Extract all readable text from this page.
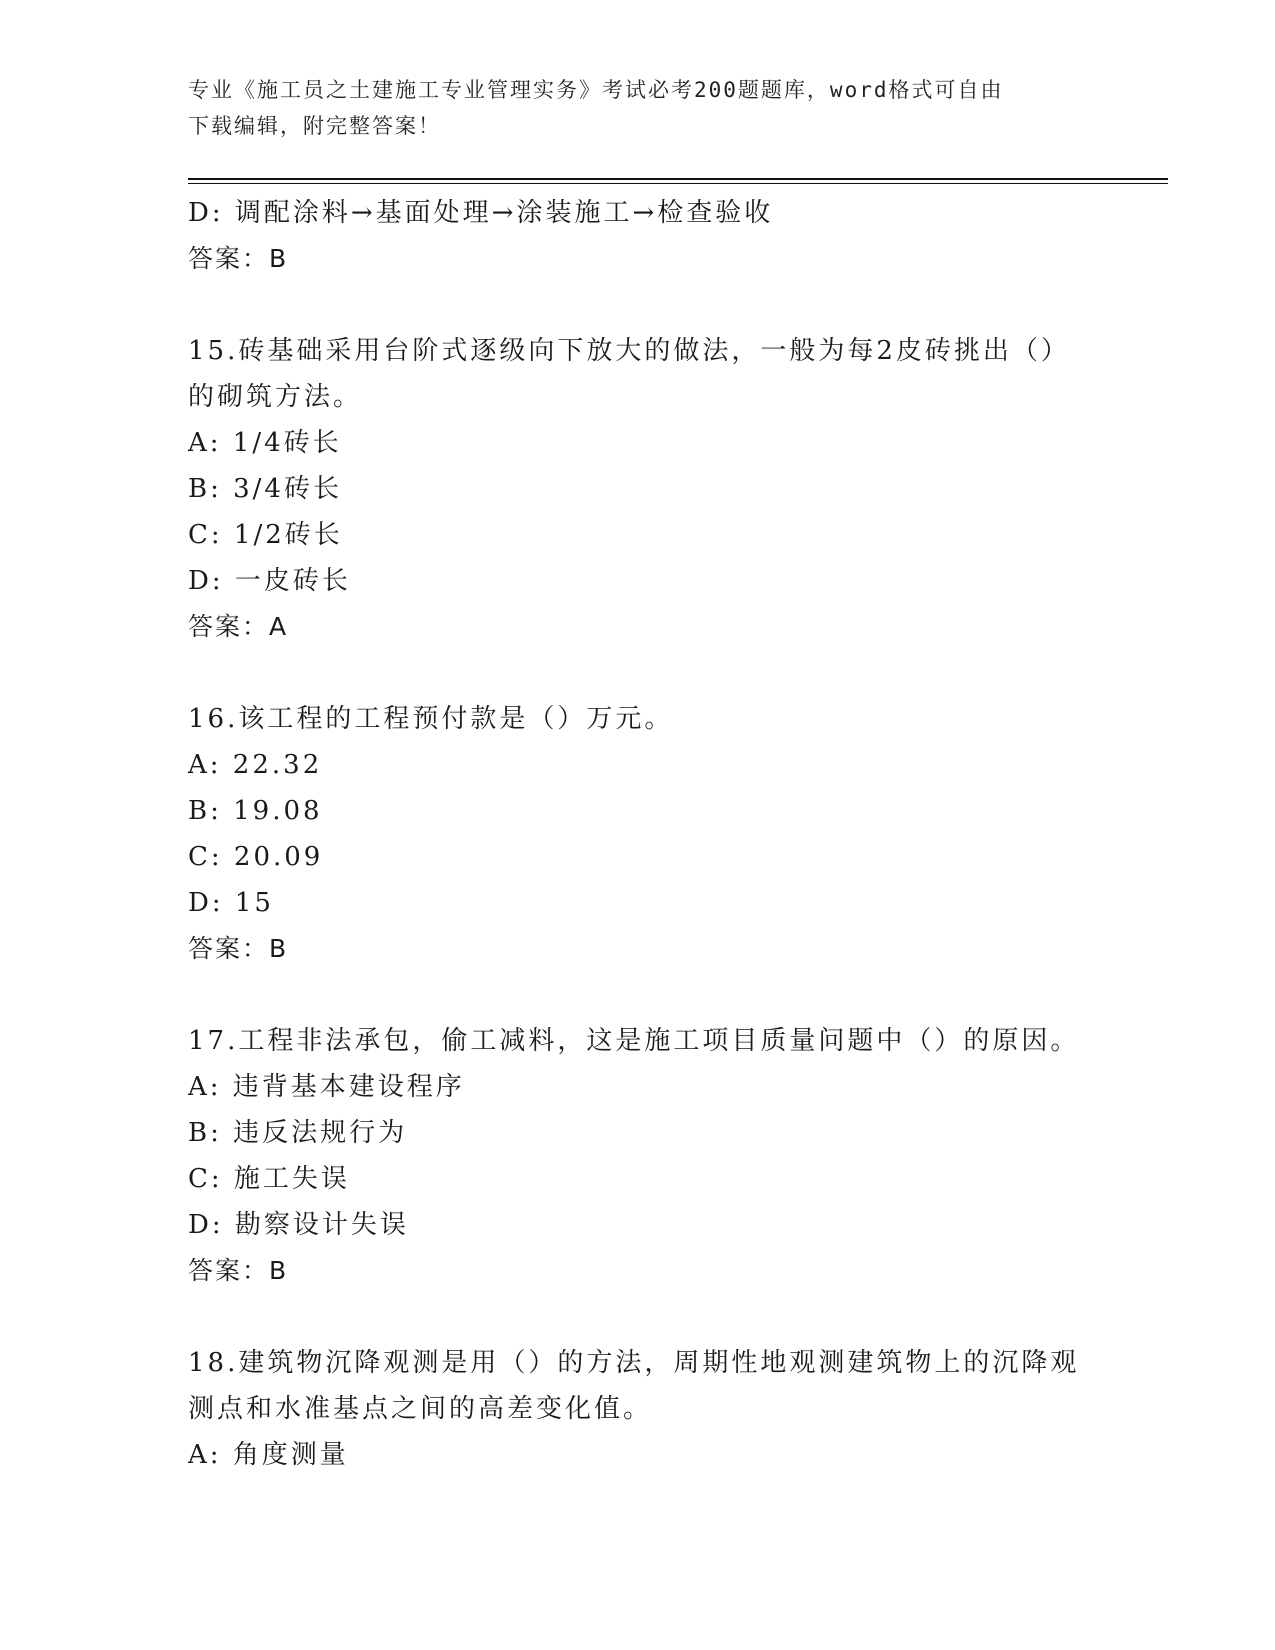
专业《施工员之土建施工专业管理实务》考试必考200题题库，word格式可自由
下载编辑，附完整答案！
D: 调配涂料→基面处理→涂装施工→检查验收
答案：B
15.砖基础采用台阶式逐级向下放大的做法，一般为每2皮砖挑出（）
的砌筑方法。
A: 1/4砖长
B: 3/4砖长
C: 1/2砖长
D: 一皮砖长
答案：A
16.该工程的工程预付款是（）万元。
A: 22.32
B: 19.08
C: 20.09
D: 15
答案：B
17.工程非法承包，偷工减料，这是施工项目质量问题中（）的原因。
A: 违背基本建设程序
B: 违反法规行为
C: 施工失误
D: 勘察设计失误
答案：B
18.建筑物沉降观测是用（）的方法，周期性地观测建筑物上的沉降观
测点和水准基点之间的高差变化值。
A: 角度测量
